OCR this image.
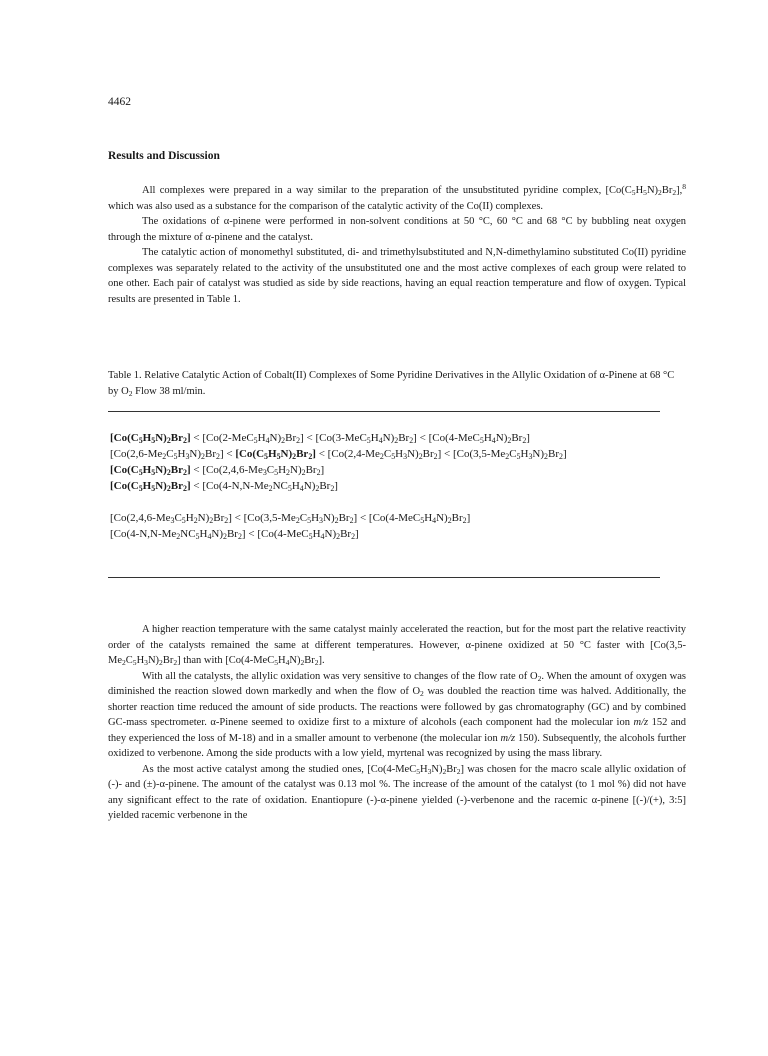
4462
Results and Discussion

All complexes were prepared in a way similar to the preparation of the unsubstituted pyridine complex, $[Co(C_5H_5N)_2Br_2],^8$ which was also used as a substance for the comparison of the catalytic activity of the Co(II) complexes.

The oxidations of α-pinene were performed in non-solvent conditions at 50 °C, 60 °C and 68 °C by bubbling neat oxygen through the mixture of α-pinene and the catalyst.

The catalytic action of monomethyl substituted, di- and trimethylsubstituted and N,N-dimethylamino substituted Co(II) pyridine complexes was separately related to the activity of the unsubstituted one and the most active complexes of each group were related to one other. Each pair of catalyst was studied as side by side reactions, having an equal reaction temperature and flow of oxygen. Typical results are presented in Table 1.

Table 1. Relative Catalytic Action of Cobalt(II) Complexes of Some Pyridine Derivatives in the Allylic Oxidation of α-Pinene at 68 °C by $O_2$ Flow 38 ml/min.
$[Co(C_5H_5N)_2Br_2] < [Co(2-MeC_5H_4N)_2Br_2] < [Co(3-MeC_5H_4N)_2Br_2] < [Co(4-MeC_5H_4N)_2Br_2]$
$[Co(2,6-Me_2C_5H_3N)_2Br_2] < [Co(C_5H_5N)_2Br_2] < [Co(2,4-Me_2C_5H_3N)_2Br_2] < [Co(3,5-Me_2C_5H_3N)_2Br_2]$
$[Co(C_5H_5N)_2Br_2] < [Co(2,4,6-Me_3C_5H_2N)_2Br_2]$
$[Co(C_5H_5N)_2Br_2] < [Co(4-N,N-Me_2NC_5H_4N)_2Br_2]$
$[Co(2,4,6-Me_3C_5H_2N)_2Br_2] < [Co(3,5-Me_2C_5H_3N)_2Br_2] < [Co(4-MeC_5H_4N)_2Br_2]$
$[Co(4-N,N-Me_2NC_5H_4N)_2Br_2] < [Co(4-MeC_5H_4N)_2Br_2]$

A higher reaction temperature with the same catalyst mainly accelerated the reaction, but for the most part the relative reactivity order of the catalysts remained the same at different temperatures. However, α-pinene oxidized at 50 °C faster with $[Co(3,5-Me_2C_5H_3N)_2Br_2]$ than with $[Co(4-MeC_5H_4N)_2Br_2]$.

With all the catalysts, the allylic oxidation was very sensitive to changes of the flow rate of $O_2$. When the amount of oxygen was diminished the reaction slowed down markedly and when the flow of $O_2$ was doubled the reaction time was halved. Additionally, the shorter reaction time reduced the amount of side products. The reactions were followed by gas chromatography (GC) and by combined GC-mass spectrometer. α-Pinene seemed to oxidize first to a mixture of alcohols (each component had the molecular ion m/z 152 and they experienced the loss of M-18) and in a smaller amount to verbenone (the molecular ion m/z 150). Subsequently, the alcohols further oxidized to verbenone. Among the side products with a low yield, myrtenal was recognized by using the mass library.

As the most active catalyst among the studied ones, $[Co(4-MeC_5H_3N)_2Br_2]$ was chosen for the macro scale allylic oxidation of (-)- and (±)-α-pinene. The amount of the catalyst was 0.13 mol %. The increase of the amount of the catalyst (to 1 mol %) did not have any significant effect to the rate of oxidation. Enantiopure (-)-α-pinene yielded (-)-verbenone and the racemic α-pinene [(-)/(+), 3:5] yielded racemic verbenone in the
